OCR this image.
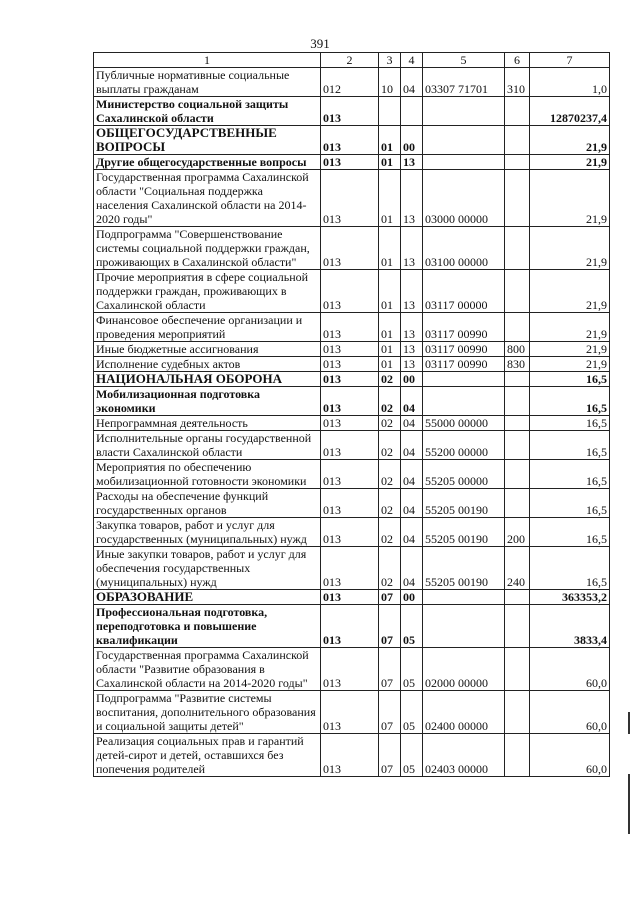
391
1	2	3	4	5	6	7
Публичные нормативные социальные выплаты гражданам	012	10	04	03307 71701	310	1,0
Министерство социальной защиты Сахалинской области	013					12870237,4
ОБЩЕГОСУДАРСТВЕННЫЕ ВОПРОСЫ	013	01	00			21,9
Другие общегосударственные вопросы	013	01	13			21,9
Государственная программа Сахалинской области "Социальная поддержка населения Сахалинской области на 2014-2020 годы"	013	01	13	03000 00000		21,9
Подпрограмма "Совершенствование системы социальной поддержки граждан, проживающих в Сахалинской области"	013	01	13	03100 00000		21,9
Прочие мероприятия в сфере социальной поддержки граждан, проживающих в Сахалинской области	013	01	13	03117 00000		21,9
Финансовое обеспечение организации и проведения мероприятий	013	01	13	03117 00990		21,9
Иные бюджетные ассигнования	013	01	13	03117 00990	800	21,9
Исполнение судебных актов	013	01	13	03117 00990	830	21,9
НАЦИОНАЛЬНАЯ ОБОРОНА	013	02	00			16,5
Мобилизационная подготовка экономики	013	02	04			16,5
Непрограммная деятельность	013	02	04	55000 00000		16,5
Исполнительные органы государственной власти Сахалинской области	013	02	04	55200 00000		16,5
Мероприятия по обеспечению мобилизационной готовности экономики	013	02	04	55205 00000		16,5
Расходы на обеспечение функций государственных органов	013	02	04	55205 00190		16,5
Закупка товаров, работ и услуг для государственных (муниципальных) нужд	013	02	04	55205 00190	200	16,5
Иные закупки товаров, работ и услуг для обеспечения государственных (муниципальных) нужд	013	02	04	55205 00190	240	16,5
ОБРАЗОВАНИЕ	013	07	00			363353,2
Профессиональная подготовка, переподготовка и повышение квалификации	013	07	05			3833,4
Государственная программа Сахалинской области "Развитие образования в Сахалинской области на 2014-2020 годы"	013	07	05	02000 00000		60,0
Подпрограмма "Развитие системы воспитания, дополнительного образования и социальной защиты детей"	013	07	05	02400 00000		60,0
Реализация социальных прав и гарантий детей-сирот и детей, оставшихся без попечения родителей	013	07	05	02403 00000		60,0
